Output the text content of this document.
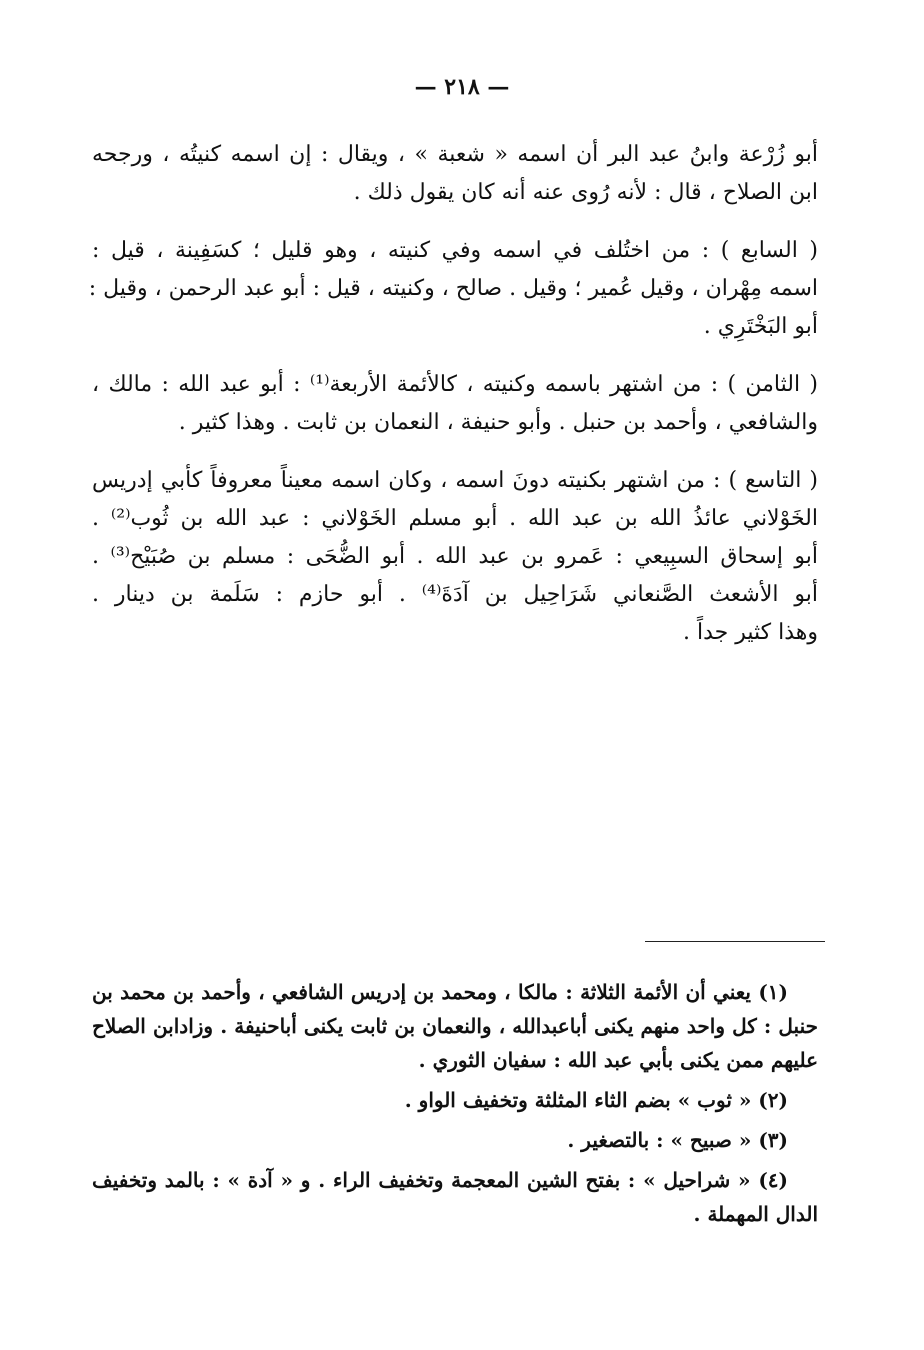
— ٢١٨ —

أبو زُرْعة وابنُ عبد البر أن اسمه « شعبة » ، ويقال : إن اسمه كنيتُه ، ورجحه
ابن الصلاح ، قال : لأنه رُوى عنه أنه كان يقول ذلك .

( السابع ) : من اختُلف في اسمه وفي كنيته ، وهو قليل ؛ كسَفِينة ، قيل :
اسمه مِهْران ، وقيل عُمير ؛ وقيل . صالح ، وكنيته ، قيل : أبو عبد الرحمن ، وقيل :
أبو البَخْتَرِي .

( الثامن ) : من اشتهر باسمه وكنيته ، كالأئمة الأربعة⁽¹⁾ : أبو عبد الله : مالك ،
والشافعي ، وأحمد بن حنبل . وأبو حنيفة ، النعمان بن ثابت . وهذا كثير .

( التاسع ) : من اشتهر بكنيته دونَ اسمه ، وكان اسمه معيناً معروفاً كأبي إدريس
الخَوْلاني عائذُ الله بن عبد الله . أبو مسلم الخَوْلاني : عبد الله بن ثُوب⁽²⁾ .
أبو إسحاق السبِيعي : عَمرو بن عبد الله . أبو الضُّحَى : مسلم بن صُبَيْح⁽³⁾ .
أبو الأشعث الصَّنعاني شَرَاحِيل بن آدَةَ⁽⁴⁾ . أبو حازم : سَلَمة بن دينار .
وهذا كثير جداً .

(١) يعني أن الأئمة الثلاثة : مالكا ، ومحمد بن إدريس الشافعي ، وأحمد بن محمد بن
حنبل : كل واحد منهم يكنى أباعبدالله ، والنعمان بن ثابت يكنى أباحنيفة . وزادابن الصلاح
عليهم ممن يكنى بأبي عبد الله : سفيان الثوري .

(٢) « ثوب » بضم الثاء المثلثة وتخفيف الواو .

(٣) « صبيح » : بالتصغير .

(٤) « شراحيل » : بفتح الشين المعجمة وتخفيف الراء . و « آدة » : بالمد وتخفيف
الدال المهملة .
